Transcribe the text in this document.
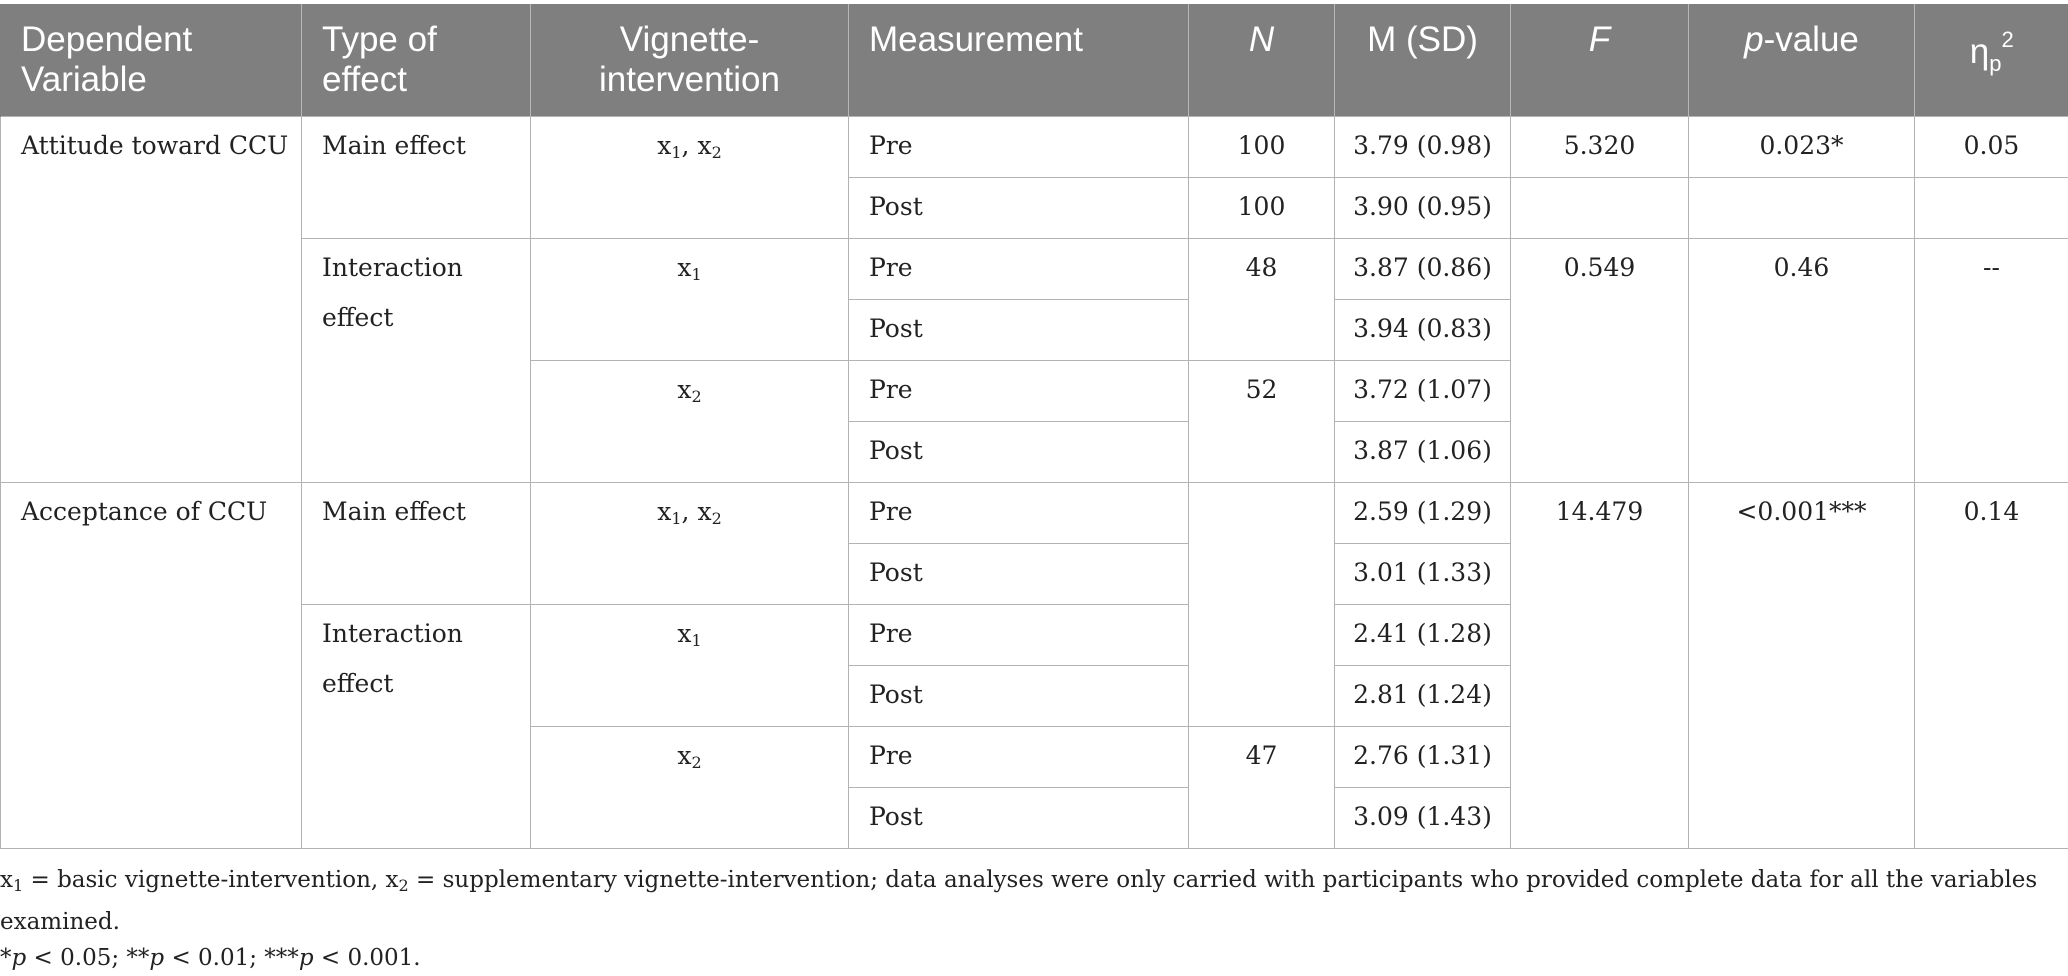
Dependent Variable	Type of effect	Vignette-intervention	Measurement	N	M (SD)	F	p-value	$\eta_p^2$
Attitude toward CCU	Main effect	$x_1$, $x_2$	Pre	100	3.79 (0.98)	5.320	0.023*	0.05
			Post	100	3.90 (0.95)			
	Interaction effect	$x_1$	Pre	48	3.87 (0.86)	0.549	0.46	--
			Post		3.94 (0.83)			
		$x_2$	Pre	52	3.72 (1.07)			
			Post		3.87 (1.06)			
Acceptance of CCU	Main effect	$x_1$, $x_2$	Pre		2.59 (1.29)	14.479	<0.001***	0.14
			Post		3.01 (1.33)			
	Interaction effect	$x_1$	Pre		2.41 (1.28)			
			Post		2.81 (1.24)			
		$x_2$	Pre	47	2.76 (1.31)			
			Post		3.09 (1.43)			

$x_1$ = basic vignette-intervention, $x_2$ = supplementary vignette-intervention; data analyses were only carried with participants who provided complete data for all the variables examined.

*p < 0.05; **p < 0.01; ***p < 0.001.
